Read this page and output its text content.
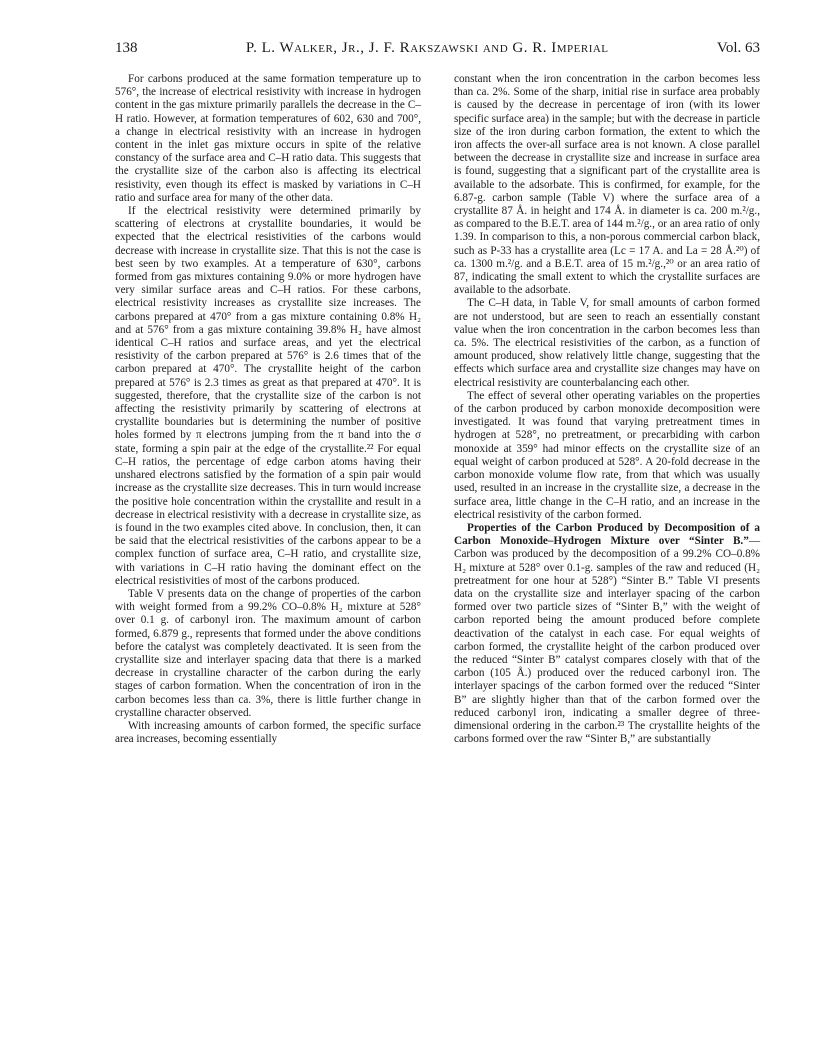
138	P. L. Walker, Jr., J. F. Rakszawski and G. R. Imperial	Vol. 63

For carbons produced at the same formation temperature up to 576°, the increase of electrical resistivity with increase in hydrogen content in the gas mixture primarily parallels the decrease in the C–H ratio. However, at formation temperatures of 602, 630 and 700°, a change in electrical resistivity with an increase in hydrogen content in the inlet gas mixture occurs in spite of the relative constancy of the surface area and C–H ratio data. This suggests that the crystallite size of the carbon also is affecting its electrical resistivity, even though its effect is masked by variations in C–H ratio and surface area for many of the other data.

If the electrical resistivity were determined primarily by scattering of electrons at crystallite boundaries, it would be expected that the electrical resistivities of the carbons would decrease with increase in crystallite size. That this is not the case is best seen by two examples. At a temperature of 630°, carbons formed from gas mixtures containing 9.0% or more hydrogen have very similar surface areas and C–H ratios. For these carbons, electrical resistivity increases as crystallite size increases. The carbons prepared at 470° from a gas mixture containing 0.8% H₂ and at 576° from a gas mixture containing 39.8% H₂ have almost identical C–H ratios and surface areas, and yet the electrical resistivity of the carbon prepared at 576° is 2.6 times that of the carbon prepared at 470°. The crystallite height of the carbon prepared at 576° is 2.3 times as great as that prepared at 470°. It is suggested, therefore, that the crystallite size of the carbon is not affecting the resistivity primarily by scattering of electrons at crystallite boundaries but is determining the number of positive holes formed by π electrons jumping from the π band into the σ state, forming a spin pair at the edge of the crystallite.²² For equal C–H ratios, the percentage of edge carbon atoms having their unshared electrons satisfied by the formation of a spin pair would increase as the crystallite size decreases. This in turn would increase the positive hole concentration within the crystallite and result in a decrease in electrical resistivity with a decrease in crystallite size, as is found in the two examples cited above. In conclusion, then, it can be said that the electrical resistivities of the carbons appear to be a complex function of surface area, C–H ratio, and crystallite size, with variations in C–H ratio having the dominant effect on the electrical resistivities of most of the carbons produced.

Table V presents data on the change of properties of the carbon with weight formed from a 99.2% CO–0.8% H₂ mixture at 528° over 0.1 g. of carbonyl iron. The maximum amount of carbon formed, 6.879 g., represents that formed under the above conditions before the catalyst was completely deactivated. It is seen from the crystallite size and interlayer spacing data that there is a marked decrease in crystalline character of the carbon during the early stages of carbon formation. When the concentration of iron in the carbon becomes less than ca. 3%, there is little further change in crystalline character observed.

With increasing amounts of carbon formed, the specific surface area increases, becoming essentially

constant when the iron concentration in the carbon becomes less than ca. 2%. Some of the sharp, initial rise in surface area probably is caused by the decrease in percentage of iron (with its lower specific surface area) in the sample; but with the decrease in particle size of the iron during carbon formation, the extent to which the iron affects the over-all surface area is not known. A close parallel between the decrease in crystallite size and increase in surface area is found, suggesting that a significant part of the crystallite area is available to the adsorbate. This is confirmed, for example, for the 6.87-g. carbon sample (Table V) where the surface area of a crystallite 87 Å. in height and 174 Å. in diameter is ca. 200 m.²/g., as compared to the B.E.T. area of 144 m.²/g., or an area ratio of only 1.39. In comparison to this, a non-porous commercial carbon black, such as P-33 has a crystallite area (Lc = 17 A. and La = 28 Å.²⁰) of ca. 1300 m.²/g. and a B.E.T. area of 15 m.²/g.,²⁰ or an area ratio of 87, indicating the small extent to which the crystallite surfaces are available to the adsorbate.

The C–H data, in Table V, for small amounts of carbon formed are not understood, but are seen to reach an essentially constant value when the iron concentration in the carbon becomes less than ca. 5%. The electrical resistivities of the carbon, as a function of amount produced, show relatively little change, suggesting that the effects which surface area and crystallite size changes may have on electrical resistivity are counterbalancing each other.

The effect of several other operating variables on the properties of the carbon produced by carbon monoxide decomposition were investigated. It was found that varying pretreatment times in hydrogen at 528°, no pretreatment, or precarbiding with carbon monoxide at 359° had minor effects on the crystallite size of an equal weight of carbon produced at 528°. A 20-fold decrease in the carbon monoxide volume flow rate, from that which was usually used, resulted in an increase in the crystallite size, a decrease in the surface area, little change in the C–H ratio, and an increase in the electrical resistivity of the carbon formed.

Properties of the Carbon Produced by Decomposition of a Carbon Monoxide–Hydrogen Mixture over “Sinter B.”—Carbon was produced by the decomposition of a 99.2% CO–0.8% H₂ mixture at 528° over 0.1-g. samples of the raw and reduced (H₂ pretreatment for one hour at 528°) “Sinter B.” Table VI presents data on the crystallite size and interlayer spacing of the carbon formed over two particle sizes of “Sinter B,” with the weight of carbon reported being the amount produced before complete deactivation of the catalyst in each case. For equal weights of carbon formed, the crystallite height of the carbon produced over the reduced “Sinter B” catalyst compares closely with that of the carbon (105 Å.) produced over the reduced carbonyl iron. The interlayer spacings of the carbon formed over the reduced “Sinter B” are slightly higher than that of the carbon formed over the reduced carbonyl iron, indicating a smaller degree of three-dimensional ordering in the carbon.²³ The crystallite heights of the carbons formed over the raw “Sinter B,” are substantially
